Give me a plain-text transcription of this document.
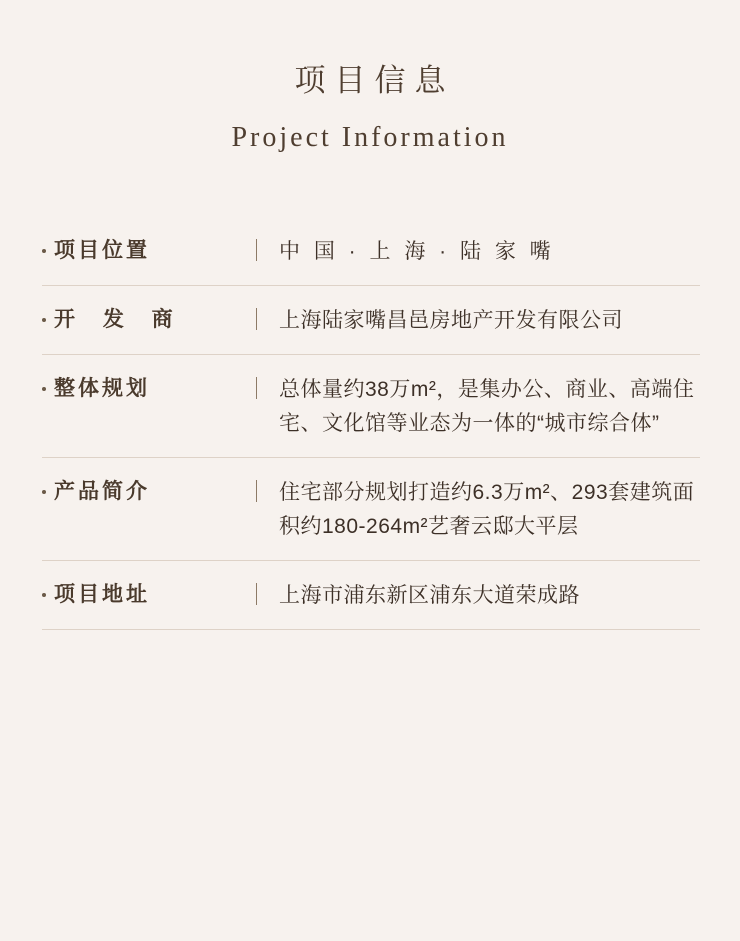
项目信息
Project Information
项目位置	中 国 · 上 海 · 陆 家 嘴
开 发 商	上海陆家嘴昌邑房地产开发有限公司
整体规划	总体量约38万m²，是集办公、商业、高端住宅、文化馆等业态为一体的“城市综合体”
产品简介	住宅部分规划打造约6.3万m²、293套建筑面积约180-264m²艺奢云邸大平层
项目地址	上海市浦东新区浦东大道荣成路
